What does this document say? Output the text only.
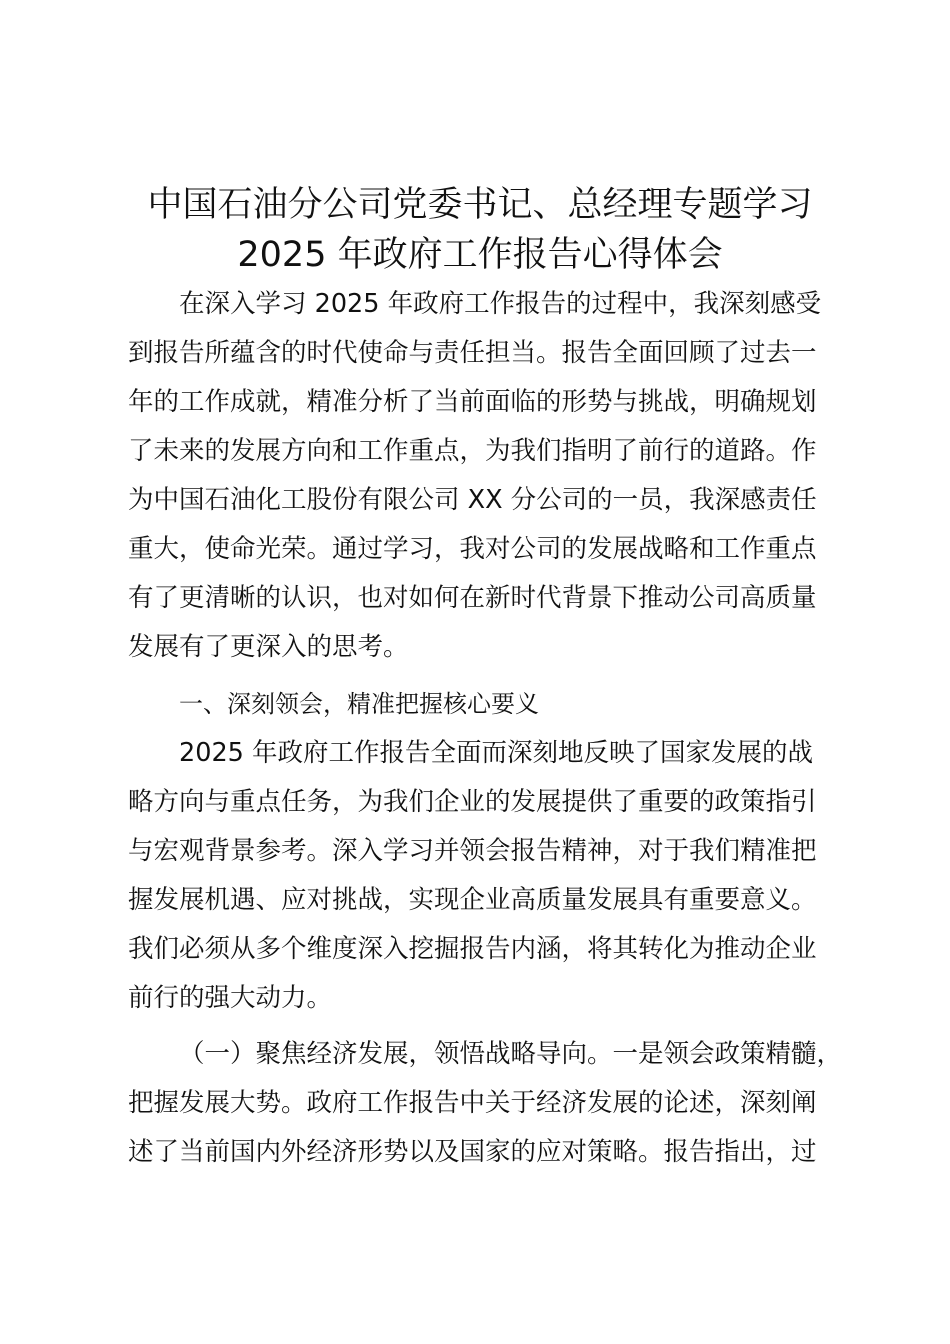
中国石油分公司党委书记、总经理专题学习
2025 年政府工作报告心得体会
在深入学习 2025 年政府工作报告的过程中，我深刻感受
到报告所蕴含的时代使命与责任担当。报告全面回顾了过去一
年的工作成就，精准分析了当前面临的形势与挑战，明确规划
了未来的发展方向和工作重点，为我们指明了前行的道路。作
为中国石油化工股份有限公司 XX 分公司的一员，我深感责任
重大，使命光荣。通过学习，我对公司的发展战略和工作重点
有了更清晰的认识，也对如何在新时代背景下推动公司高质量
发展有了更深入的思考。
一、深刻领会，精准把握核心要义
2025 年政府工作报告全面而深刻地反映了国家发展的战
略方向与重点任务，为我们企业的发展提供了重要的政策指引
与宏观背景参考。深入学习并领会报告精神，对于我们精准把
握发展机遇、应对挑战，实现企业高质量发展具有重要意义。
我们必须从多个维度深入挖掘报告内涵，将其转化为推动企业
前行的强大动力。
（一）聚焦经济发展，领悟战略导向。一是领会政策精髓，
把握发展大势。政府工作报告中关于经济发展的论述，深刻阐
述了当前国内外经济形势以及国家的应对策略。报告指出，过
